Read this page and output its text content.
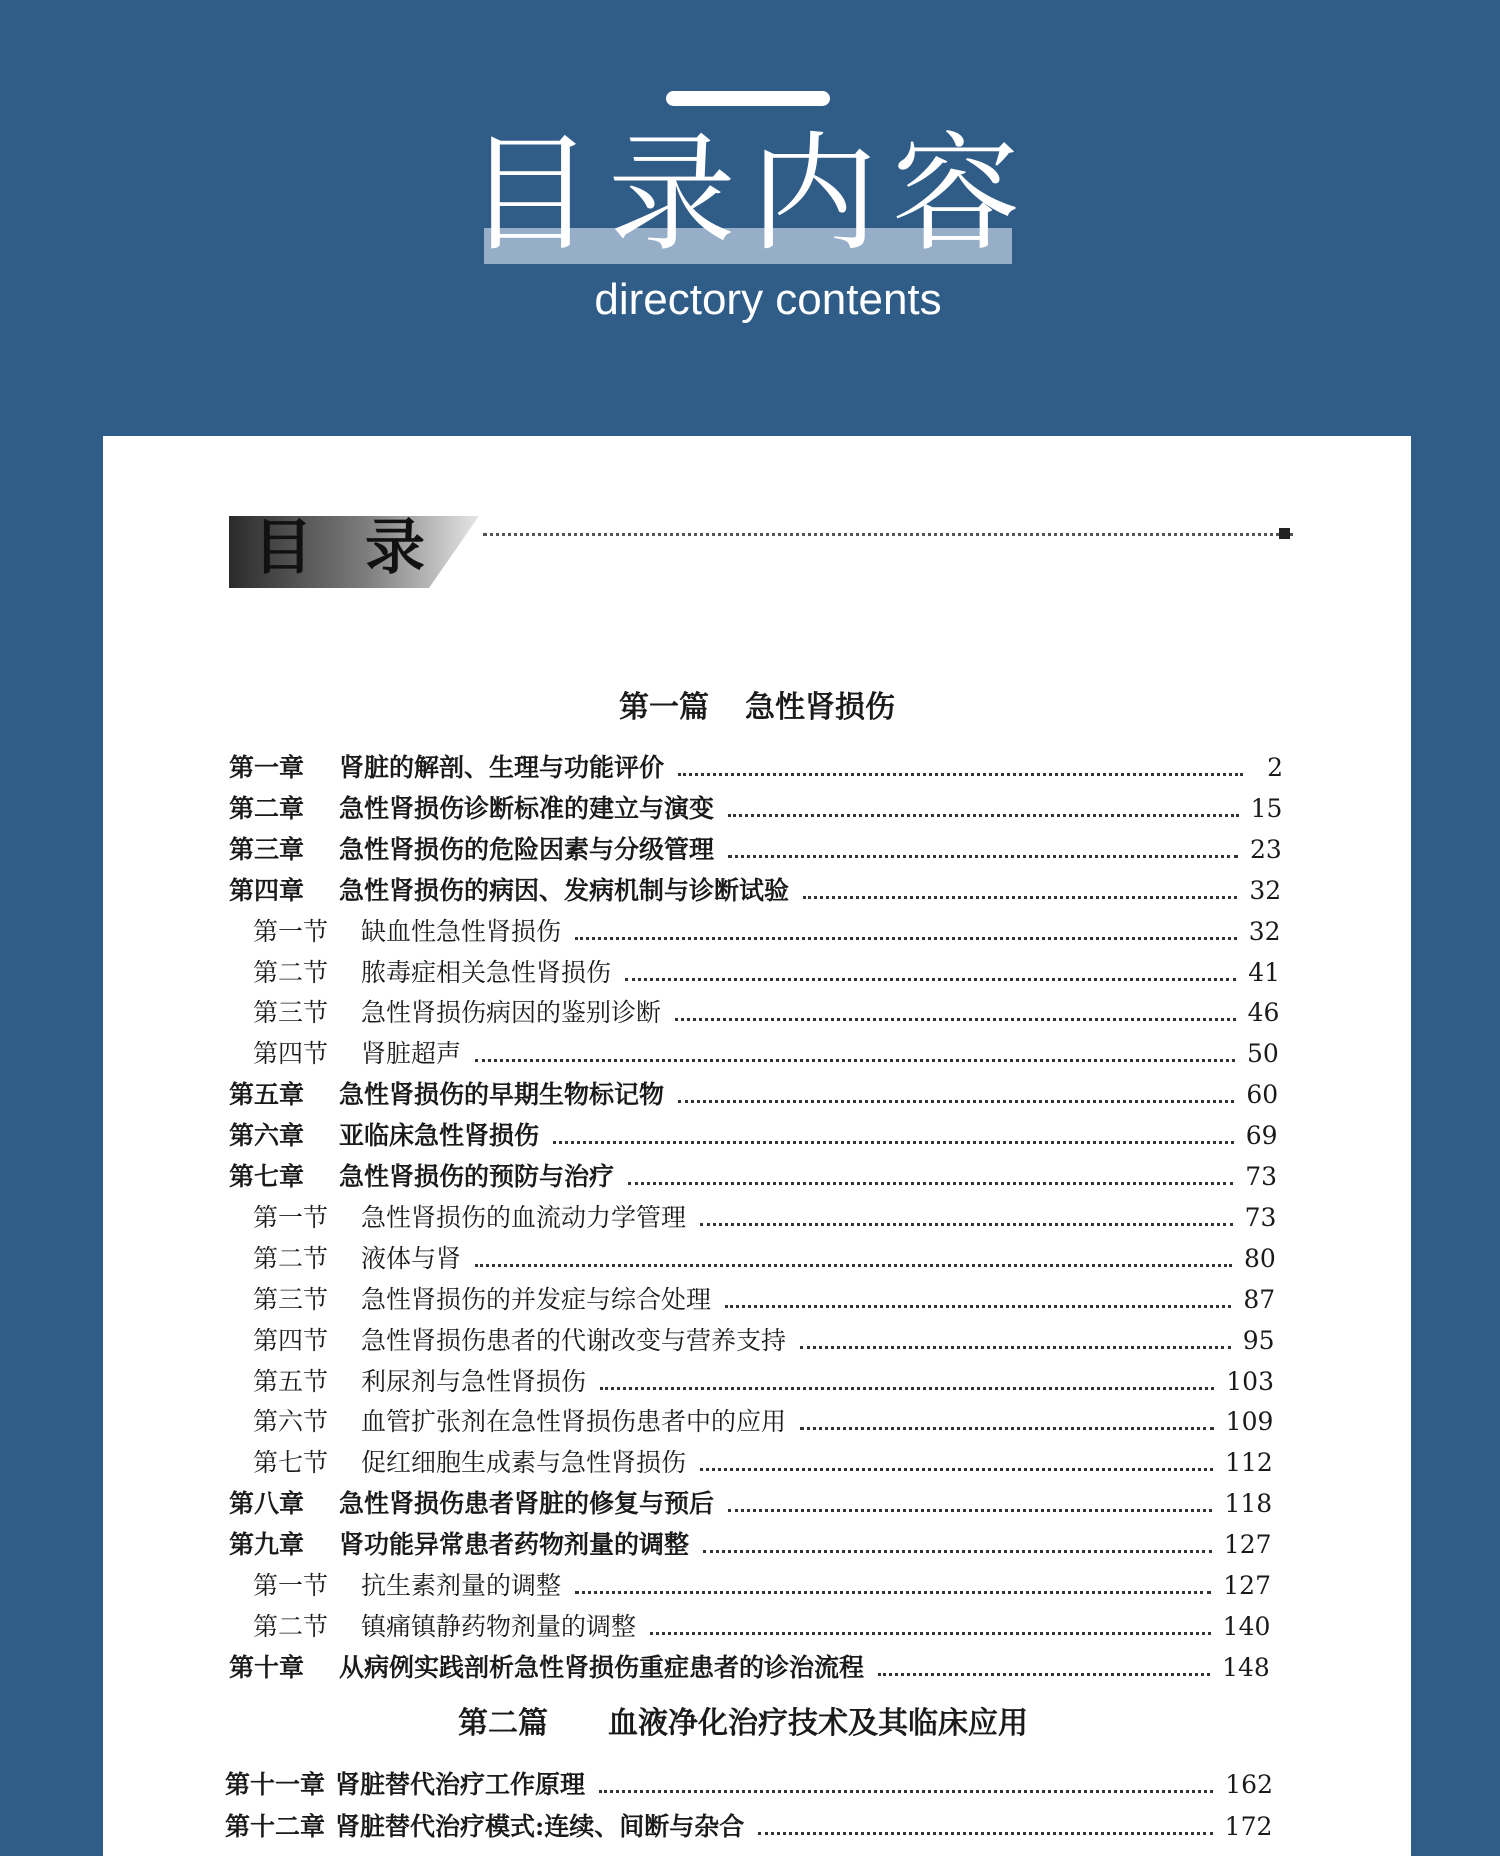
目录内容
directory contents
目录
第一篇 急性肾损伤
第一章	肾脏的解剖、生理与功能评价	2
第二章	急性肾损伤诊断标准的建立与演变	15
第三章	急性肾损伤的危险因素与分级管理	23
第四章	急性肾损伤的病因、发病机制与诊断试验	32
第一节	缺血性急性肾损伤	32
第二节	脓毒症相关急性肾损伤	41
第三节	急性肾损伤病因的鉴别诊断	46
第四节	肾脏超声	50
第五章	急性肾损伤的早期生物标记物	60
第六章	亚临床急性肾损伤	69
第七章	急性肾损伤的预防与治疗	73
第一节	急性肾损伤的血流动力学管理	73
第二节	液体与肾	80
第三节	急性肾损伤的并发症与综合处理	87
第四节	急性肾损伤患者的代谢改变与营养支持	95
第五节	利尿剂与急性肾损伤	103
第六节	血管扩张剂在急性肾损伤患者中的应用	109
第七节	促红细胞生成素与急性肾损伤	112
第八章	急性肾损伤患者肾脏的修复与预后	118
第九章	肾功能异常患者药物剂量的调整	127
第一节	抗生素剂量的调整	127
第二节	镇痛镇静药物剂量的调整	140
第十章	从病例实践剖析急性肾损伤重症患者的诊治流程	148
第二篇 血液净化治疗技术及其临床应用
第十一章 肾脏替代治疗工作原理	162
第十二章 肾脏替代治疗模式:连续、间断与杂合	172
